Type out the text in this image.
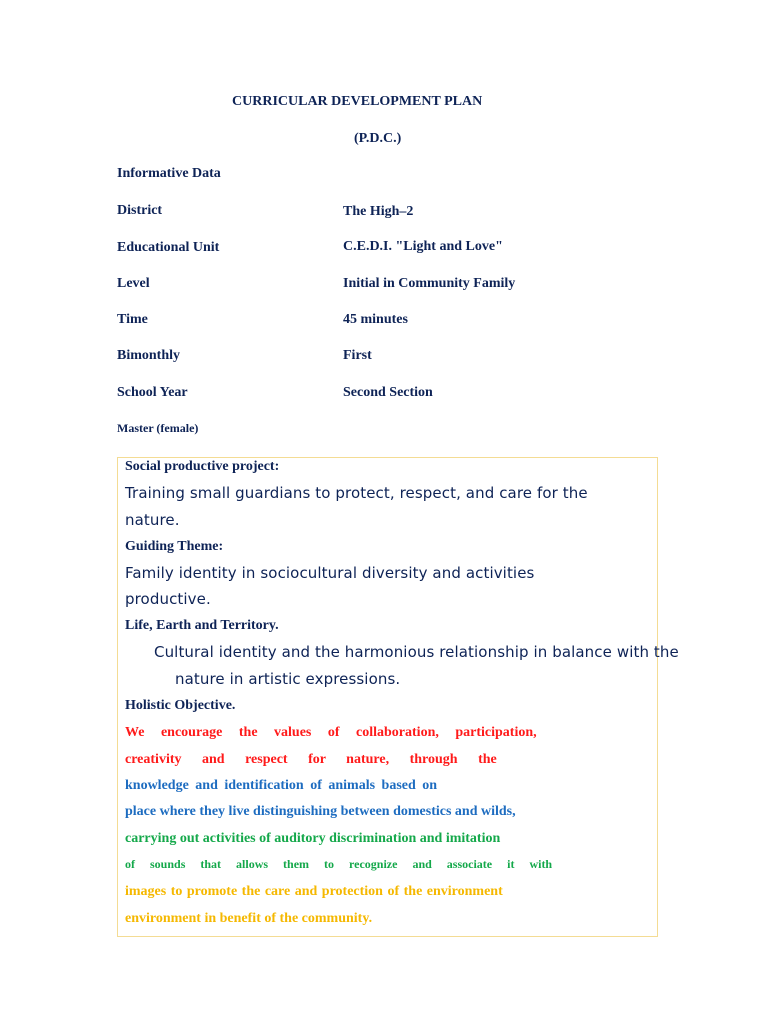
CURRICULAR DEVELOPMENT PLAN
(P.D.C.)
Informative Data
District	The High–2
Educational Unit	C.E.D.I. "Light and Love"
Level	Initial in Community Family
Time	45 minutes
Bimonthly	First
School Year	Second Section
Master (female)
Social productive project:
Training small guardians to protect, respect, and care for the
nature.
Guiding Theme:
Family identity in sociocultural diversity and activities
productive.
Life, Earth and Territory.
Cultural identity and the harmonious relationship in balance with the
nature in artistic expressions.
Holistic Objective.
We encourage the values of collaboration, participation,
creativity and respect for nature, through the
knowledge and identification of animals based on
place where they live distinguishing between domestics and wilds,
carrying out activities of auditory discrimination and imitation
of sounds that allows them to recognize and associate it with
images to promote the care and protection of the environment
environment in benefit of the community.
